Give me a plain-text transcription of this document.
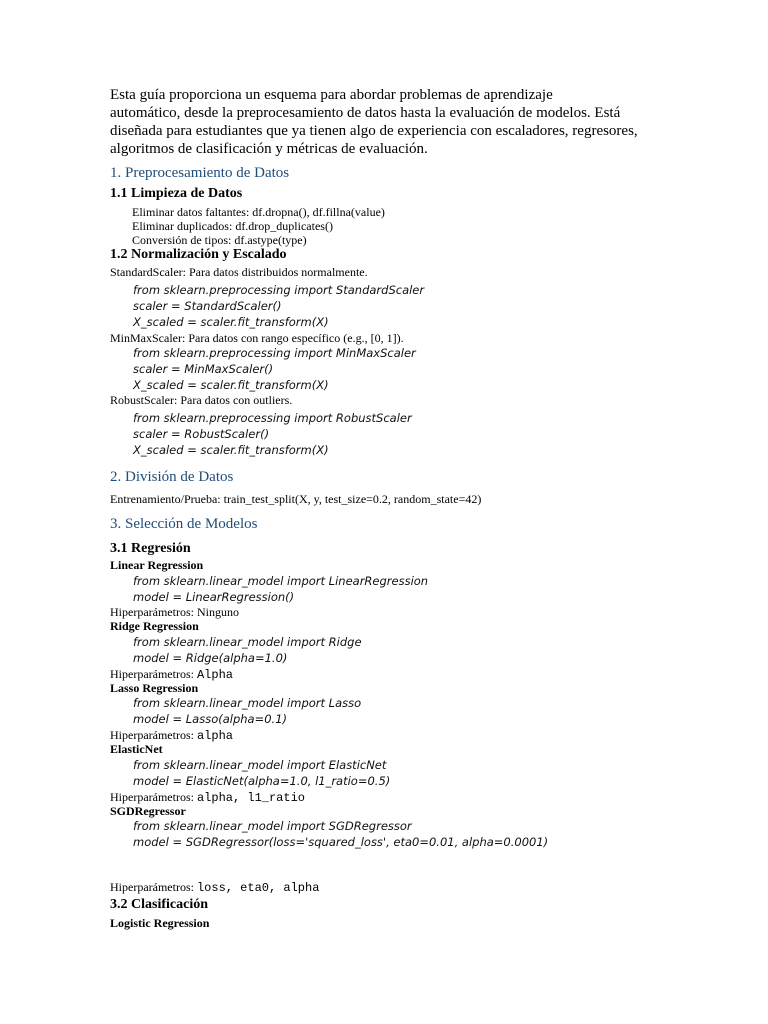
Esta guía proporciona un esquema para abordar problemas de aprendizaje
automático, desde la preprocesamiento de datos hasta la evaluación de modelos. Está
diseñada para estudiantes que ya tienen algo de experiencia con escaladores, regresores,
algoritmos de clasificación y métricas de evaluación.
1. Preprocesamiento de Datos
1.1 Limpieza de Datos
Eliminar datos faltantes: df.dropna(), df.fillna(value)
Eliminar duplicados: df.drop_duplicates()
Conversión de tipos: df.astype(type)
1.2 Normalización y Escalado
StandardScaler: Para datos distribuidos normalmente.
from sklearn.preprocessing import StandardScaler
scaler = StandardScaler()
X_scaled = scaler.fit_transform(X)
MinMaxScaler: Para datos con rango específico (e.g., [0, 1]).
from sklearn.preprocessing import MinMaxScaler
scaler = MinMaxScaler()
X_scaled = scaler.fit_transform(X)
RobustScaler: Para datos con outliers.
from sklearn.preprocessing import RobustScaler
scaler = RobustScaler()
X_scaled = scaler.fit_transform(X)
2. División de Datos
Entrenamiento/Prueba: train_test_split(X, y, test_size=0.2, random_state=42)
3. Selección de Modelos
3.1 Regresión
Linear Regression
from sklearn.linear_model import LinearRegression
model = LinearRegression()
Hiperparámetros: Ninguno
Ridge Regression
from sklearn.linear_model import Ridge
model = Ridge(alpha=1.0)
Hiperparámetros: Alpha
Lasso Regression
from sklearn.linear_model import Lasso
model = Lasso(alpha=0.1)
Hiperparámetros: alpha
ElasticNet
from sklearn.linear_model import ElasticNet
model = ElasticNet(alpha=1.0, l1_ratio=0.5)
Hiperparámetros: alpha, l1_ratio
SGDRegressor
from sklearn.linear_model import SGDRegressor
model = SGDRegressor(loss='squared_loss', eta0=0.01, alpha=0.0001)
Hiperparámetros: loss, eta0, alpha
3.2 Clasificación
Logistic Regression
